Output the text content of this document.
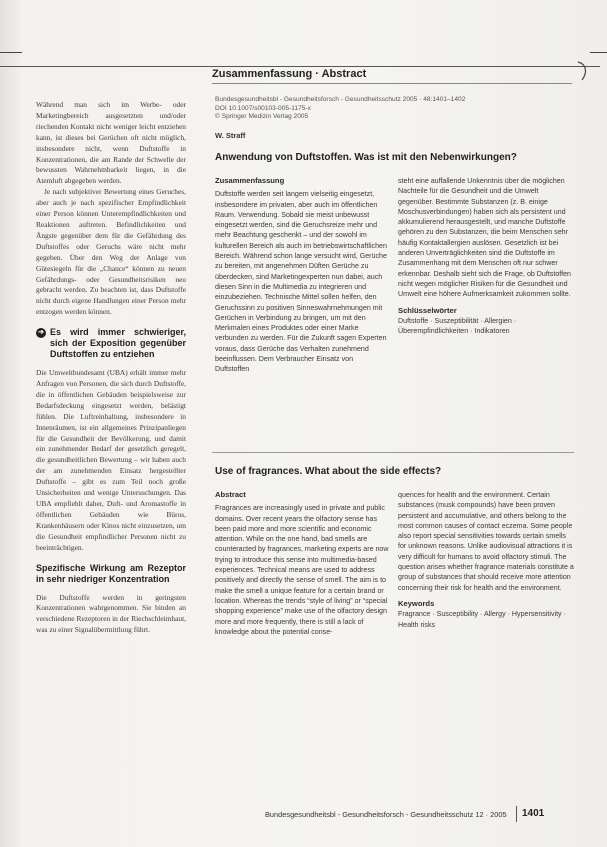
Zusammenfassung · Abstract

Während man sich im Werbe- oder Marketingbereich ausgesetzten und/oder riechenden Kontakt nicht weniger leicht entziehen kann, ist dieses bei Gerüchen oft nicht möglich, insbesondere nicht, wenn Duftstoffe in Konzentrationen, die am Rande der Schwelle der bewussten Wahrnehmbarkeit liegen, in die Atemluft abgegeben werden.

Je nach subjektiver Bewertung eines Geruches, aber auch je nach spezifischer Empfindlichkeit einer Person können Unterempfindlichkeiten und Reaktionen auftreten. Befindlichkeiten und Ängste gegenüber dem für die Gefährdung des Duftstoffes oder Geruchs wäre nicht mehr gegeben. Über den Weg der Anlage von Gütesiegeln für die „Chance“ können zu neuen Gefährdungs- oder Gesundheitsrisiken neu gebracht werden. Zu beachten ist, dass Duftstoffe nicht durch eigene Handlungen einer Person mehr entzogen werden können.

➔ Es wird immer schwieriger, sich der Exposition gegenüber Duftstoffen zu entziehen

Die Umweltbundesamt (UBA) erhält immer mehr Anfragen von Personen, die sich durch Duftstoffe, die in öffentlichen Gebäuden beispielsweise zur Bedarfsdeckung eingesetzt werden, belästigt fühlen. Die Luftreinhaltung, insbesondere in Innenräumen, ist ein allgemeines Prinzipanliegen für die Gesundheit der Bevölkerung, und damit ein zunehmender Bedarf der gesetzlich geregelt, die gesundheitlichen Bewertung – wir haben auch der am zunehmenden Einsatz hergestellter Duftstoffe – gibt es zum Teil noch große Unsicherheiten und wenige Untersuchungen. Das UBA empfiehlt daher, Duft- und Aromastoffe in öffentlichen Gebäuden wie Büros, Krankenhäusern oder Kinos nicht einzusetzen, um die Gesundheit empfindlicher Personen nicht zu beeinträchtigen.

Spezifische Wirkung am Rezeptor in sehr niedriger Konzentration

Die Duftstoffe werden in geringsten Konzentrationen wahrgenommen. Sie binden an verschiedene Rezeptoren in der Riechschleimhaut, was zu einer Signalübermittlung führt.

Bundesgesundheitsbl - Gesundheitsforsch - Gesundheitsschutz 2005 · 48:1401–1402
DOI 10.1007/s00103-005-1175-x
© Springer Medizin Verlag 2005
W. Straff
Anwendung von Duftstoffen. Was ist mit den Nebenwirkungen?
Zusammenfassung
Duftstoffe werden seit langem vielseitig eingesetzt, insbesondere im privaten, aber auch im öffentlichen Raum. Verwendung. Sobald sie meist unbewusst eingesetzt werden, sind die Geruchsreize mehr und mehr Beachtung geschenkt – und der sowohl im kulturellen Bereich als auch im betriebswirtschaftlichen Bereich. Während schon lange versucht wird, Gerüche zu bereiten, mit angenehmen Düften Gerüche zu überdecken, sind Marketingexperten nun dabei, auch diesen Sinn in die Multimedia zu integrieren und einzubeziehen. Technische Mittel sollen helfen, den Geruchssinn zu positiven Sinneswahrnehmungen mit Gerüchen in Verbindung zu bringen, um mit den Merkmalen eines Produktes oder einer Marke verbunden zu werden. Für die Zukunft sagen Experten voraus, dass Gerüche das Verhalten zunehmend beeinflussen. Dem Verbraucher Einsatz von Duftstoffen
steht eine auffallende Unkenntnis über die möglichen Nachteile für die Gesundheit und die Umwelt gegenüber. Bestimmte Substanzen (z. B. einige Moschusverbindungen) haben sich als persistent und akkumulierend herausgestellt, und manche Duftstoffe gehören zu den Substanzen, die beim Menschen sehr häufig Kontaktallergien auslösen. Gesetzlich ist bei anderen Unverträglichkeiten sind die Duftstoffe im Zusammenhang mit dem Menschen oft nur schwer erkennbar. Deshalb sieht sich die Frage, ob Duftstoffen nicht wegen möglicher Risiken für die Gesundheit und Umwelt eine höhere Aufmerksamkeit zukommen sollte.
Schlüsselwörter
Duftstoffe · Suszeptibilität · Allergien · Überempfindlichkeiten · Indikatoren
Use of fragrances. What about the side effects?
Abstract
Fragrances are increasingly used in private and public domains. Over recent years the olfactory sense has been paid more and more scientific and economic attention. While on the one hand, bad smells are counteracted by fragrances, marketing experts are now trying to introduce this sense into multimedia-based experiences. Technical means are used to address positively and directly the sense of smell. The aim is to make the smell a unique feature for a certain brand or location. Whereas the trends “style of living” or “special shopping experience” make use of the olfactory design more and more frequently, there is still a lack of knowledge about the potential conse-
quences for health and the environment. Certain substances (musk compounds) have been proven persistent and accumulative, and others belong to the most common causes of contact eczema. Some people also report special sensitivities towards certain smells for unknown reasons. Unlike audiovisual attractions it is very difficult for humans to avoid olfactory stimuli. The question arises whether fragrance materials constitute a group of substances that should receive more attention concerning their risk for health and the environment.
Keywords
Fragrance · Susceptibility · Allergy · Hypersensitivity · Health risks
Bundesgesundheitsbl - Gesundheitsforsch - Gesundheitsschutz 12 · 2005	1401
